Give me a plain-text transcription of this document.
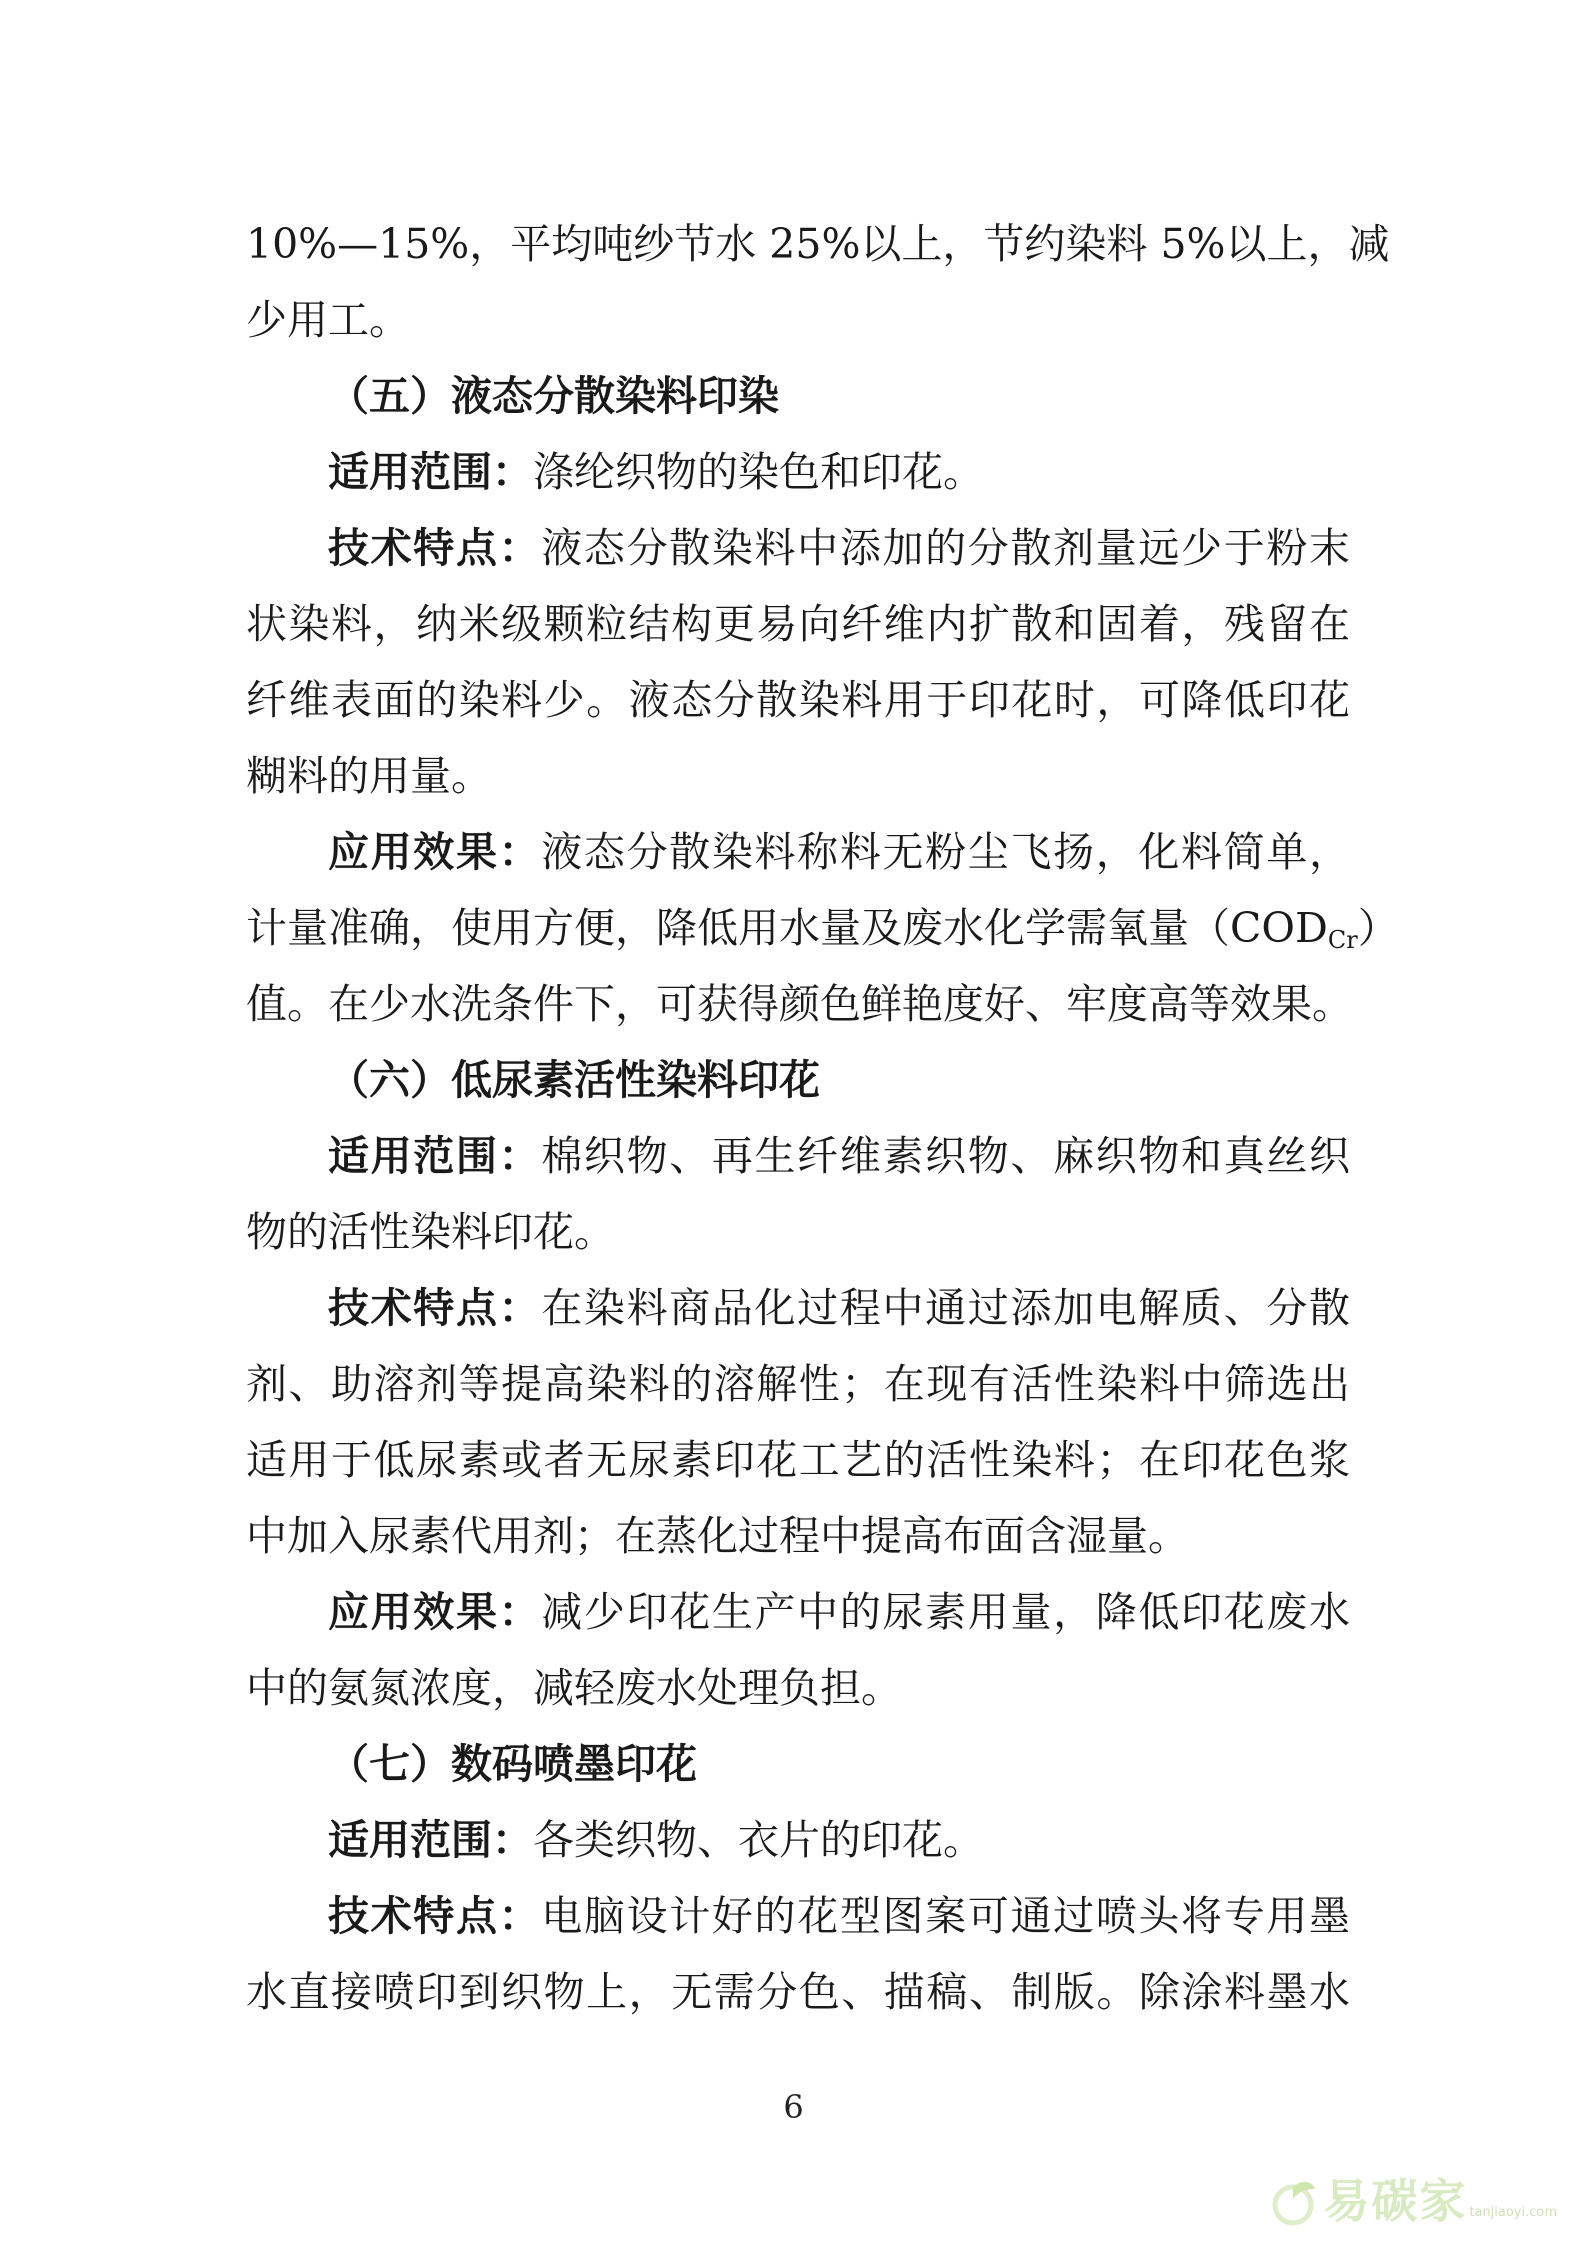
10%—15%，平均吨纱节水 25%以上，节约染料 5%以上，减
少用工。
（五）液态分散染料印染
适用范围：涤纶织物的染色和印花。
技术特点：液态分散染料中添加的分散剂量远少于粉末
状染料，纳米级颗粒结构更易向纤维内扩散和固着，残留在
纤维表面的染料少。液态分散染料用于印花时，可降低印花
糊料的用量。
应用效果：液态分散染料称料无粉尘飞扬，化料简单，
计量准确，使用方便，降低用水量及废水化学需氧量$(COD_{Cr})$
值。在少水洗条件下，可获得颜色鲜艳度好、牢度高等效果。
（六）低尿素活性染料印花
适用范围：棉织物、再生纤维素织物、麻织物和真丝织
物的活性染料印花。
技术特点：在染料商品化过程中通过添加电解质、分散
剂、助溶剂等提高染料的溶解性；在现有活性染料中筛选出
适用于低尿素或者无尿素印花工艺的活性染料；在印花色浆
中加入尿素代用剂；在蒸化过程中提高布面含湿量。
应用效果：减少印花生产中的尿素用量，降低印花废水
中的氨氮浓度，减轻废水处理负担。
（七）数码喷墨印花
适用范围：各类织物、衣片的印花。
技术特点：电脑设计好的花型图案可通过喷头将专用墨
水直接喷印到织物上，无需分色、描稿、制版。除涂料墨水
6
易碳家 tanjiaoyi.com
